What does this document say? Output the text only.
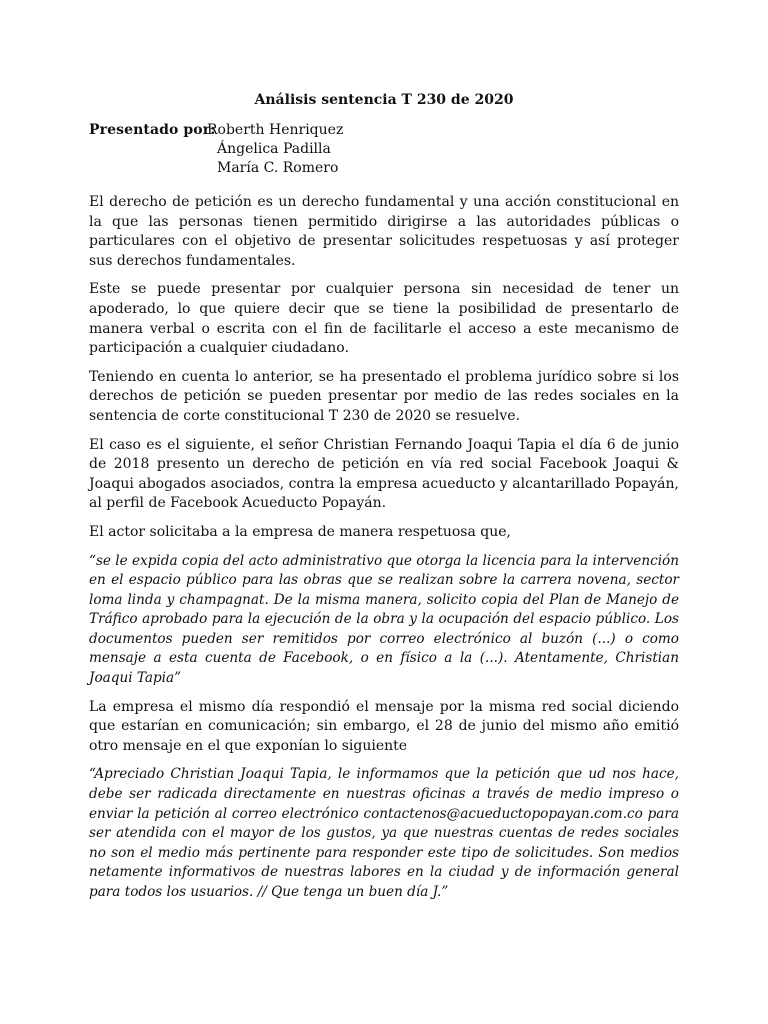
Análisis sentencia T 230 de 2020
Presentado por:
Roberth Henriquez
Ángelica Padilla
María C. Romero

El derecho de petición es un derecho fundamental y una acción constitucional en la que las personas tienen permitido dirigirse a las autoridades públicas o particulares con el objetivo de presentar solicitudes respetuosas y así proteger sus derechos fundamentales.

Este se puede presentar por cualquier persona sin necesidad de tener un apoderado, lo que quiere decir que se tiene la posibilidad de presentarlo de manera verbal o escrita con el fin de facilitarle el acceso a este mecanismo de participación a cualquier ciudadano.

Teniendo en cuenta lo anterior, se ha presentado el problema jurídico sobre si los derechos de petición se pueden presentar por medio de las redes sociales en la sentencia de corte constitucional T 230 de 2020 se resuelve.

El caso es el siguiente, el señor Christian Fernando Joaqui Tapia el día 6 de junio de 2018 presento un derecho de petición en vía red social Facebook Joaqui & Joaqui abogados asociados, contra la empresa acueducto y alcantarillado Popayán, al perfil de Facebook Acueducto Popayán.

El actor solicitaba a la empresa de manera respetuosa que,

“se le expida copia del acto administrativo que otorga la licencia para la intervención en el espacio público para las obras que se realizan sobre la carrera novena, sector loma linda y champagnat. De la misma manera, solicito copia del Plan de Manejo de Tráfico aprobado para la ejecución de la obra y la ocupación del espacio público. Los documentos pueden ser remitidos por correo electrónico al buzón (...) o como mensaje a esta cuenta de Facebook, o en físico a la (...). Atentamente, Christian Joaqui Tapia”

La empresa el mismo día respondió el mensaje por la misma red social diciendo que estarían en comunicación; sin embargo, el 28 de junio del mismo año emitió otro mensaje en el que exponían lo siguiente

“Apreciado Christian Joaqui Tapia, le informamos que la petición que ud nos hace, debe ser radicada directamente en nuestras oficinas a través de medio impreso o enviar la petición al correo electrónico contactenos@acueductopopayan.com.co para ser atendida con el mayor de los gustos, ya que nuestras cuentas de redes sociales no son el medio más pertinente para responder este tipo de solicitudes. Son medios netamente informativos de nuestras labores en la ciudad y de información general para todos los usuarios. // Que tenga un buen día J.”
